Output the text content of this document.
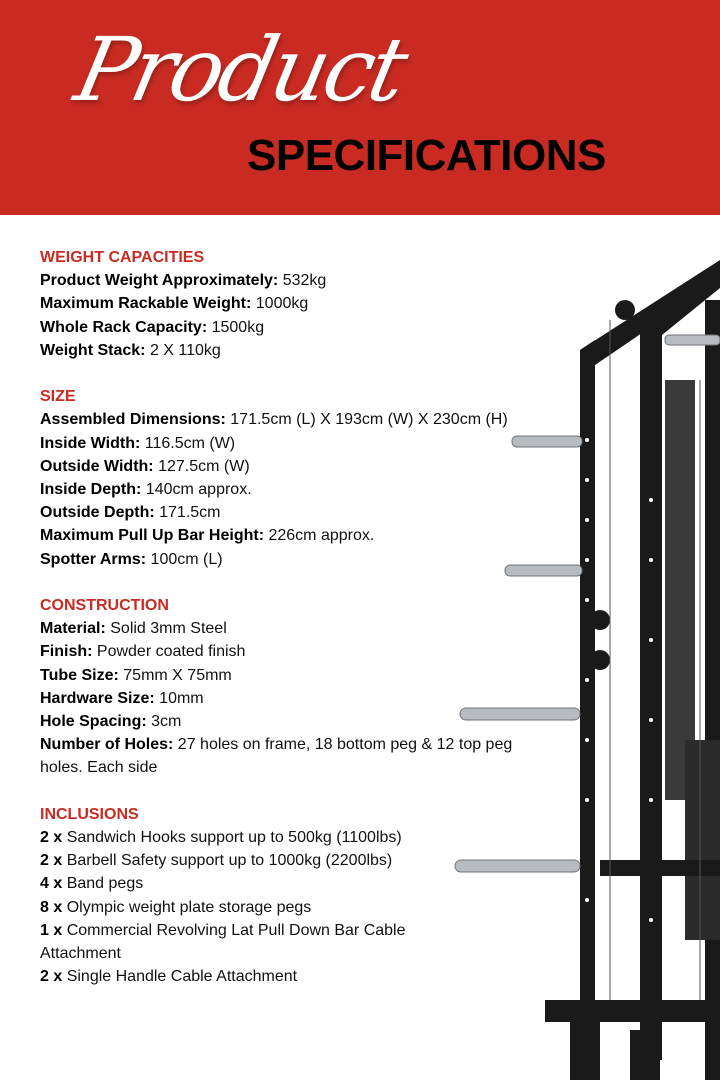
Product
SPECIFICATIONS
WEIGHT CAPACITIES
Product Weight Approximately: 532kg
Maximum Rackable Weight: 1000kg
Whole Rack Capacity: 1500kg
Weight Stack: 2 X 110kg
SIZE
Assembled Dimensions: 171.5cm (L) X 193cm (W) X 230cm (H)
Inside Width: 116.5cm (W)
Outside Width: 127.5cm (W)
Inside Depth: 140cm approx.
Outside Depth: 171.5cm
Maximum Pull Up Bar Height: 226cm approx.
Spotter Arms: 100cm (L)
CONSTRUCTION
Material: Solid 3mm Steel
Finish: Powder coated finish
Tube Size: 75mm X 75mm
Hardware Size: 10mm
Hole Spacing: 3cm
Number of Holes: 27 holes on frame, 18 bottom peg & 12 top peg holes. Each side
INCLUSIONS
2 x Sandwich Hooks support up to 500kg (1100lbs)
2 x Barbell Safety support up to 1000kg (2200lbs)
4 x Band pegs
8 x Olympic weight plate storage pegs
1 x Commercial Revolving Lat Pull Down Bar Cable Attachment
2 x Single Handle Cable Attachment
